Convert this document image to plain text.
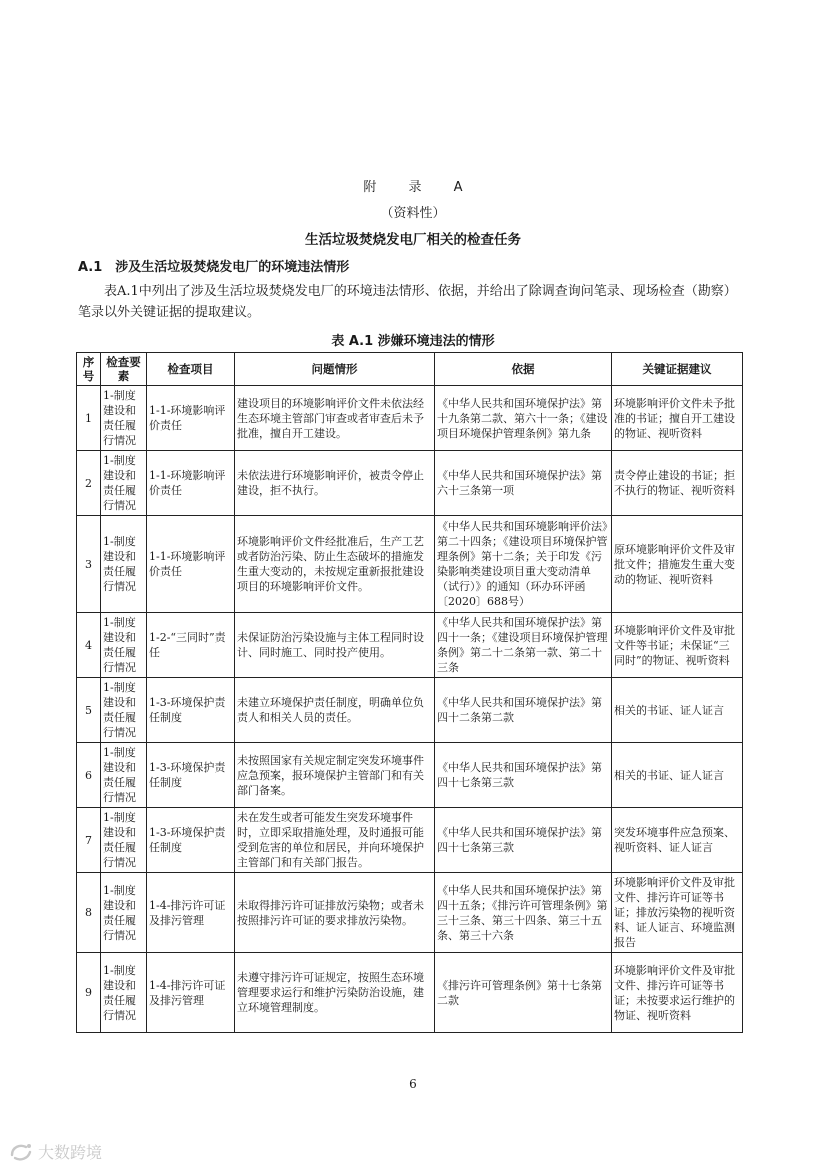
附 录 A
（资料性）
生活垃圾焚烧发电厂相关的检查任务
A.1　涉及生活垃圾焚烧发电厂的环境违法情形
表A.1中列出了涉及生活垃圾焚烧发电厂的环境违法情形、依据，并给出了除调查询问笔录、现场检查（勘察）笔录以外关键证据的提取建议。
表 A.1 涉嫌环境违法的情形
序号	检查要素	检查项目	问题情形	依据	关键证据建议
1	1-制度建设和责任履行情况	1-1-环境影响评价责任	建设项目的环境影响评价文件未依法经生态环境主管部门审查或者审查后未予批准，擅自开工建设。	《中华人民共和国环境保护法》第十九条第二款、第六十一条；《建设项目环境保护管理条例》第九条	环境影响评价文件未予批准的书证；擅自开工建设的物证、视听资料
2	1-制度建设和责任履行情况	1-1-环境影响评价责任	未依法进行环境影响评价，被责令停止建设，拒不执行。	《中华人民共和国环境保护法》第六十三条第一项	责令停止建设的书证；拒不执行的物证、视听资料
3	1-制度建设和责任履行情况	1-1-环境影响评价责任	环境影响评价文件经批准后，生产工艺或者防治污染、防止生态破坏的措施发生重大变动的，未按规定重新报批建设项目的环境影响评价文件。	《中华人民共和国环境影响评价法》第二十四条；《建设项目环境保护管理条例》第十二条；关于印发《污染影响类建设项目重大变动清单（试行）》的通知（环办环评函〔2020〕688号）	原环境影响评价文件及审批文件；措施发生重大变动的物证、视听资料
4	1-制度建设和责任履行情况	1-2-“三同时”责任	未保证防治污染设施与主体工程同时设计、同时施工、同时投产使用。	《中华人民共和国环境保护法》第四十一条；《建设项目环境保护管理条例》第二十二条第一款、第二十三条	环境影响评价文件及审批文件等书证；未保证“三同时”的物证、视听资料
5	1-制度建设和责任履行情况	1-3-环境保护责任制度	未建立环境保护责任制度，明确单位负责人和相关人员的责任。	《中华人民共和国环境保护法》第四十二条第二款	相关的书证、证人证言
6	1-制度建设和责任履行情况	1-3-环境保护责任制度	未按照国家有关规定制定突发环境事件应急预案，报环境保护主管部门和有关部门备案。	《中华人民共和国环境保护法》第四十七条第三款	相关的书证、证人证言
7	1-制度建设和责任履行情况	1-3-环境保护责任制度	未在发生或者可能发生突发环境事件时，立即采取措施处理，及时通报可能受到危害的单位和居民，并向环境保护主管部门和有关部门报告。	《中华人民共和国环境保护法》第四十七条第三款	突发环境事件应急预案、视听资料、证人证言
8	1-制度建设和责任履行情况	1-4-排污许可证及排污管理	未取得排污许可证排放污染物；或者未按照排污许可证的要求排放污染物。	《中华人民共和国环境保护法》第四十五条；《排污许可管理条例》第三十三条、第三十四条、第三十五条、第三十六条	环境影响评价文件及审批文件、排污许可证等书证；排放污染物的视听资料、证人证言、环境监测报告
9	1-制度建设和责任履行情况	1-4-排污许可证及排污管理	未遵守排污许可证规定，按照生态环境管理要求运行和维护污染防治设施，建立环境管理制度。	《排污许可管理条例》第十七条第二款	环境影响评价文件及审批文件、排污许可证等书证；未按要求运行维护的物证、视听资料
6
大数跨境
